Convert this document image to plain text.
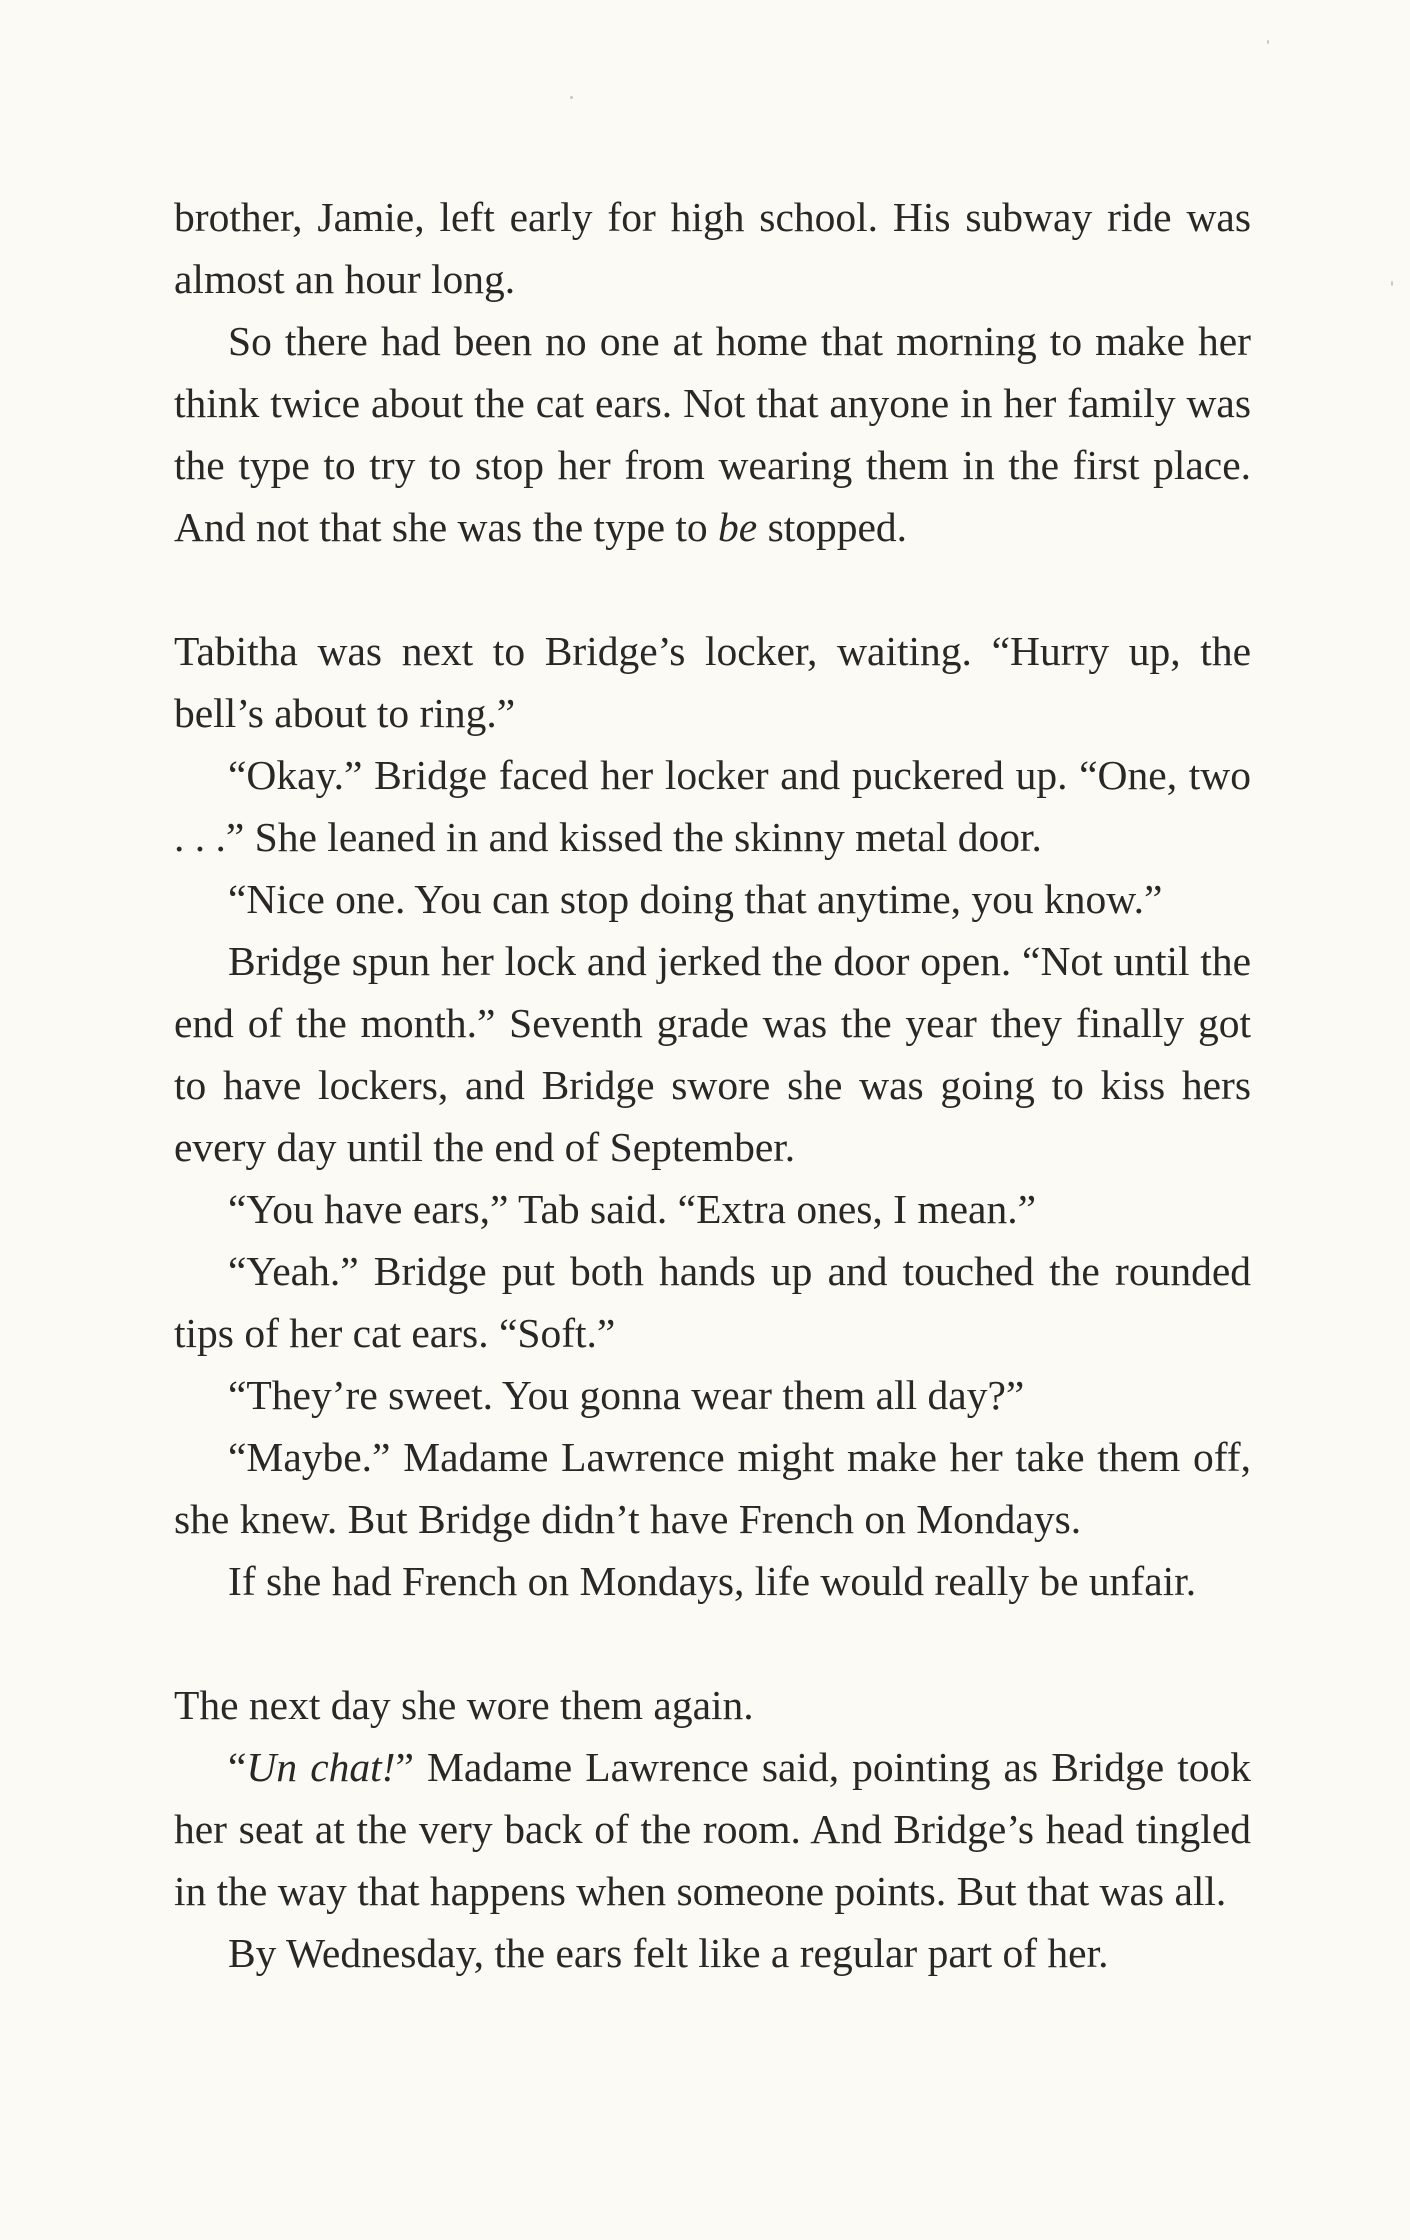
brother, Jamie, left early for high school. His subway ride was almost an hour long.

So there had been no one at home that morning to make her think twice about the cat ears. Not that anyone in her family was the type to try to stop her from wearing them in the first place. And not that she was the type to be stopped.

Tabitha was next to Bridge’s locker, waiting. “Hurry up, the bell’s about to ring.”

“Okay.” Bridge faced her locker and puckered up. “One, two . . .” She leaned in and kissed the skinny metal door.

“Nice one. You can stop doing that anytime, you know.”

Bridge spun her lock and jerked the door open. “Not until the end of the month.” Seventh grade was the year they finally got to have lockers, and Bridge swore she was going to kiss hers every day until the end of September.

“You have ears,” Tab said. “Extra ones, I mean.”

“Yeah.” Bridge put both hands up and touched the rounded tips of her cat ears. “Soft.”

“They’re sweet. You gonna wear them all day?”

“Maybe.” Madame Lawrence might make her take them off, she knew. But Bridge didn’t have French on Mondays.

If she had French on Mondays, life would really be unfair.

The next day she wore them again.

“Un chat!” Madame Lawrence said, pointing as Bridge took her seat at the very back of the room. And Bridge’s head tingled in the way that happens when someone points. But that was all.

By Wednesday, the ears felt like a regular part of her.
